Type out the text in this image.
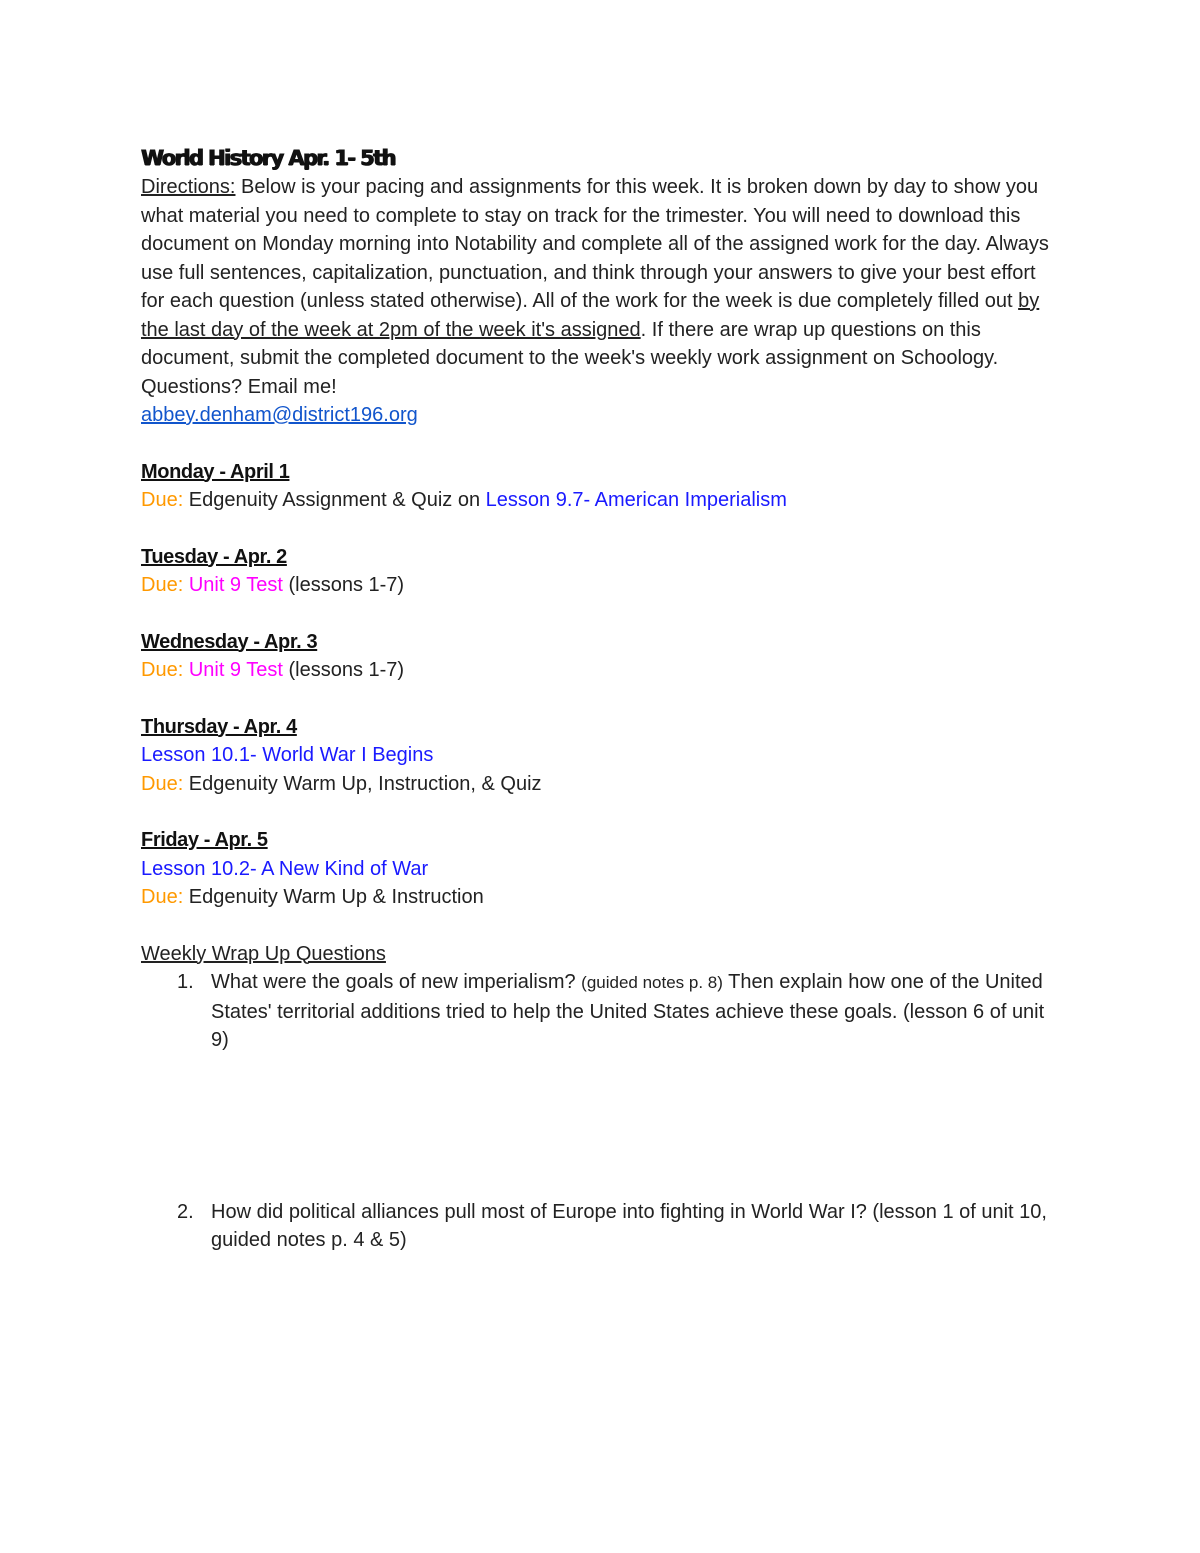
World History Apr. 1- 5th
Directions: Below is your pacing and assignments for this week. It is broken down by day to show you what material you need to complete to stay on track for the trimester. You will need to download this document on Monday morning into Notability and complete all of the assigned work for the day. Always use full sentences, capitalization, punctuation, and think through your answers to give your best effort for each question (unless stated otherwise). All of the work for the week is due completely filled out by the last day of the week at 2pm of the week it's assigned. If there are wrap up questions on this document, submit the completed document to the week's weekly work assignment on Schoology. Questions? Email me!
abbey.denham@district196.org
Monday - April 1
Due: Edgenuity Assignment & Quiz on Lesson 9.7- American Imperialism
Tuesday - Apr. 2
Due: Unit 9 Test (lessons 1-7)
Wednesday - Apr. 3
Due: Unit 9 Test (lessons 1-7)
Thursday - Apr. 4
Lesson 10.1- World War I Begins
Due: Edgenuity Warm Up, Instruction, & Quiz
Friday - Apr. 5
Lesson 10.2- A New Kind of War
Due: Edgenuity Warm Up & Instruction
Weekly Wrap Up Questions
1. What were the goals of new imperialism? (guided notes p. 8) Then explain how one of the United States' territorial additions tried to help the United States achieve these goals. (lesson 6 of unit 9)
2. How did political alliances pull most of Europe into fighting in World War I? (lesson 1 of unit 10, guided notes p. 4 & 5)
